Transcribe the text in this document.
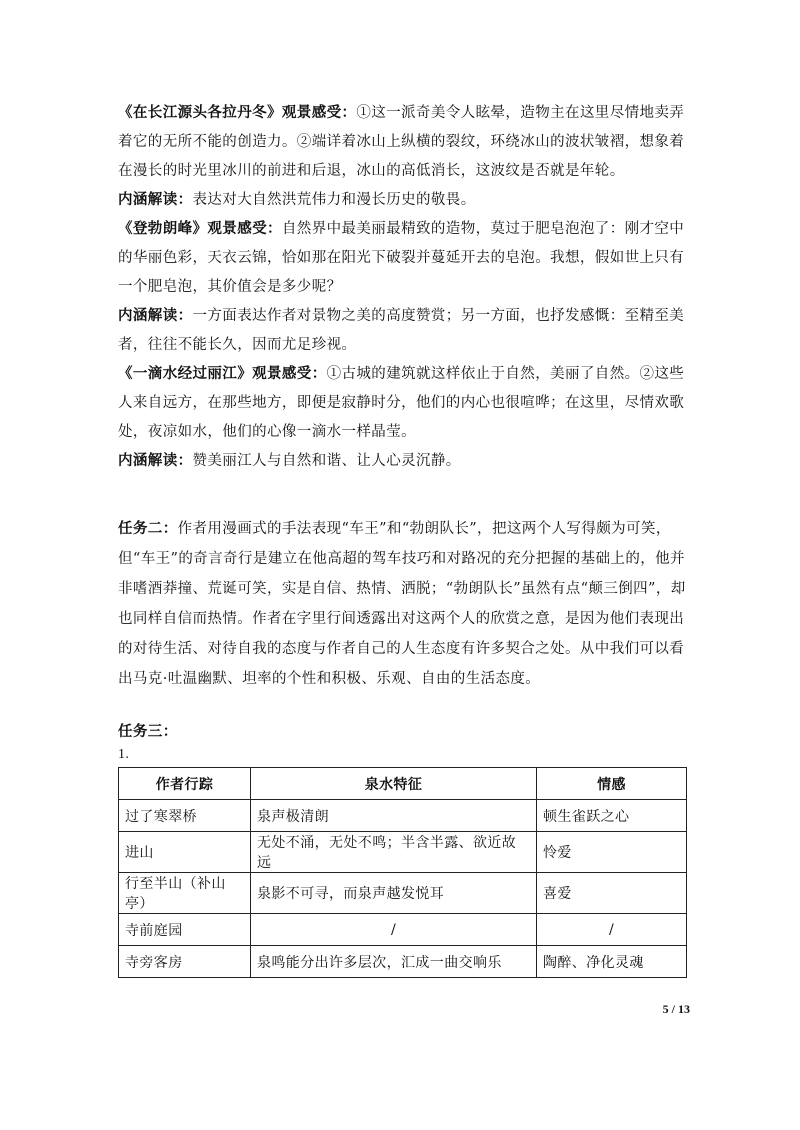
《在长江源头各拉丹冬》观景感受：①这一派奇美令人眩晕，造物主在这里尽情地卖弄着它的无所不能的创造力。②端详着冰山上纵横的裂纹，环绕冰山的波状皱褶，想象着在漫长的时光里冰川的前进和后退，冰山的高低消长，这波纹是否就是年轮。

内涵解读：表达对大自然洪荒伟力和漫长历史的敬畏。

《登勃朗峰》观景感受：自然界中最美丽最精致的造物，莫过于肥皂泡泡了：刚才空中的华丽色彩，天衣云锦，恰如那在阳光下破裂并蔓延开去的皂泡。我想，假如世上只有一个肥皂泡，其价值会是多少呢？

内涵解读：一方面表达作者对景物之美的高度赞赏；另一方面，也抒发感慨：至精至美者，往往不能长久，因而尤足珍视。

《一滴水经过丽江》观景感受：①古城的建筑就这样依止于自然，美丽了自然。②这些人来自远方，在那些地方，即便是寂静时分，他们的内心也很喧哗；在这里，尽情欢歌处，夜凉如水，他们的心像一滴水一样晶莹。

内涵解读：赞美丽江人与自然和谐、让人心灵沉静。

任务二：作者用漫画式的手法表现“车王”和“勃朗队长”，把这两个人写得颇为可笑，但“车王”的奇言奇行是建立在他高超的驾车技巧和对路况的充分把握的基础上的，他并非嗜酒莽撞、荒诞可笑，实是自信、热情、洒脱；“勃朗队长”虽然有点“颠三倒四”，却也同样自信而热情。作者在字里行间透露出对这两个人的欣赏之意，是因为他们表现出的对待生活、对待自我的态度与作者自己的人生态度有许多契合之处。从中我们可以看出马克·吐温幽默、坦率的个性和积极、乐观、自由的生活态度。

任务三：

1.

作者行踪	泉水特征	情感
过了寒翠桥	泉声极清朗	顿生雀跃之心
进山	无处不涌，无处不鸣；半含半露、欲近故远	怜爱
行至半山（补山亭）	泉影不可寻，而泉声越发悦耳	喜爱
寺前庭园	/	/
寺旁客房	泉鸣能分出许多层次，汇成一曲交响乐	陶醉、净化灵魂
5 / 13
